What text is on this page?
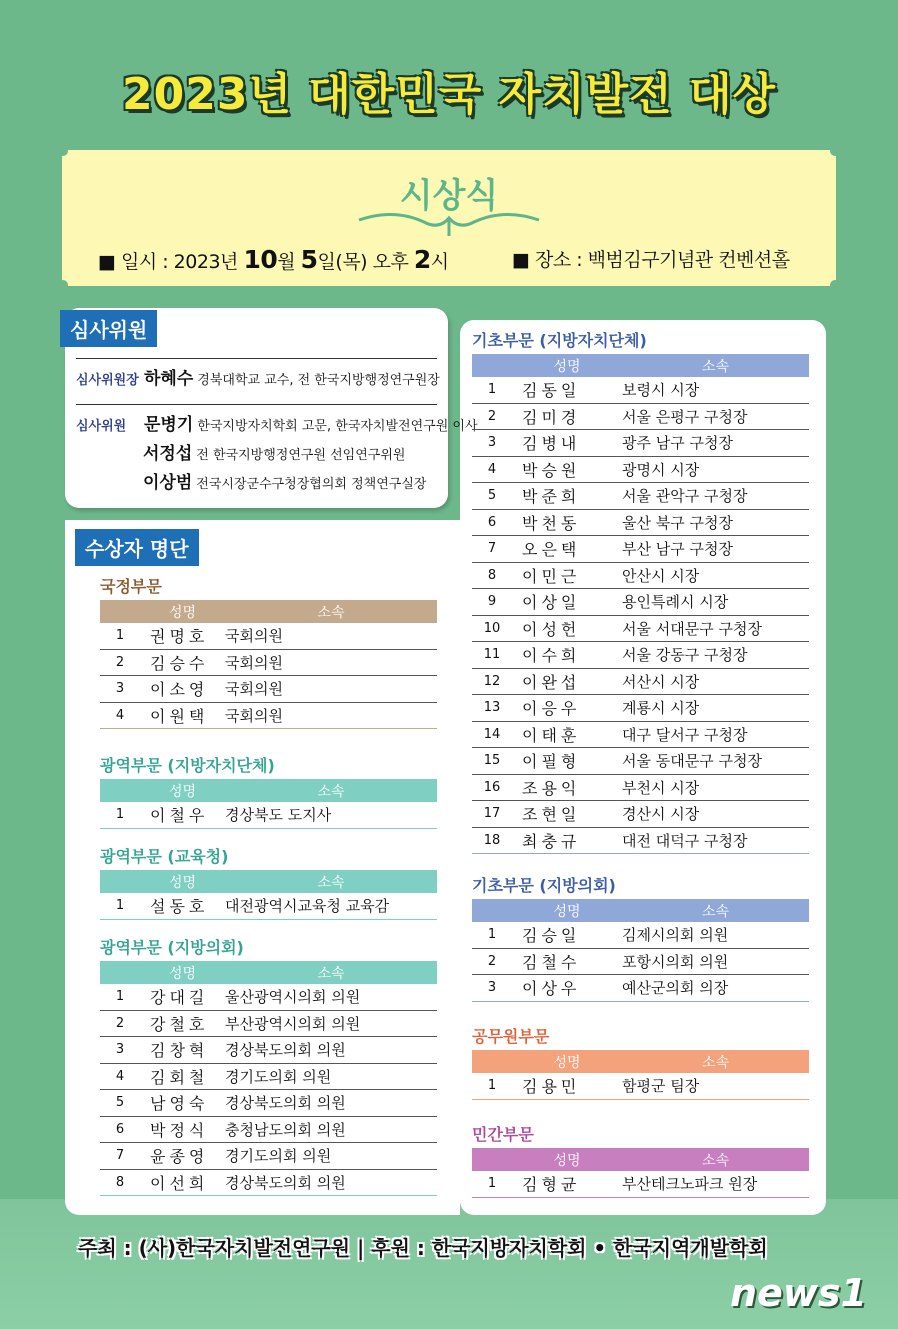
2023년 대한민국 자치발전 대상
시상식
■ 일시 : 2023년 10월 5일(목) 오후 2시	■ 장소 : 백범김구기념관 컨벤션홀
심사위원
심사위원장 하혜수 경북대학교 교수, 전 한국지방행정연구원장
심사위원 문병기 한국지방자치학회 고문, 한국자치발전연구원 이사
서정섭 전 한국지방행정연구원 선임연구위원
이상범 전국시장군수구청장협의회 정책연구실장
수상자 명단
국정부문
성명	소속
1	권명호	국회의원
2	김승수	국회의원
3	이소영	국회의원
4	이원택	국회의원
광역부문 (지방자치단체)
성명	소속
1	이철우	경상북도 도지사
광역부문 (교육청)
성명	소속
1	설동호	대전광역시교육청 교육감
광역부문 (지방의회)
성명	소속
1	강대길	울산광역시의회 의원
2	강철호	부산광역시의회 의원
3	김창혁	경상북도의회 의원
4	김회철	경기도의회 의원
5	남영숙	경상북도의회 의원
6	박정식	충청남도의회 의원
7	윤종영	경기도의회 의원
8	이선희	경상북도의회 의원
기초부문 (지방자치단체)
성명	소속
1	김동일	보령시 시장
2	김미경	서울 은평구 구청장
3	김병내	광주 남구 구청장
4	박승원	광명시 시장
5	박준희	서울 관악구 구청장
6	박천동	울산 북구 구청장
7	오은택	부산 남구 구청장
8	이민근	안산시 시장
9	이상일	용인특례시 시장
10	이성헌	서울 서대문구 구청장
11	이수희	서울 강동구 구청장
12	이완섭	서산시 시장
13	이응우	계룡시 시장
14	이태훈	대구 달서구 구청장
15	이필형	서울 동대문구 구청장
16	조용익	부천시 시장
17	조현일	경산시 시장
18	최충규	대전 대덕구 구청장
기초부문 (지방의회)
성명	소속
1	김승일	김제시의회 의원
2	김철수	포항시의회 의원
3	이상우	예산군의회 의장
공무원부문
성명	소속
1	김용민	함평군 팀장
민간부문
성명	소속
1	김형균	부산테크노파크 원장
주최 : (사)한국자치발전연구원 | 후원 : 한국지방자치학회 • 한국지역개발학회
news1
